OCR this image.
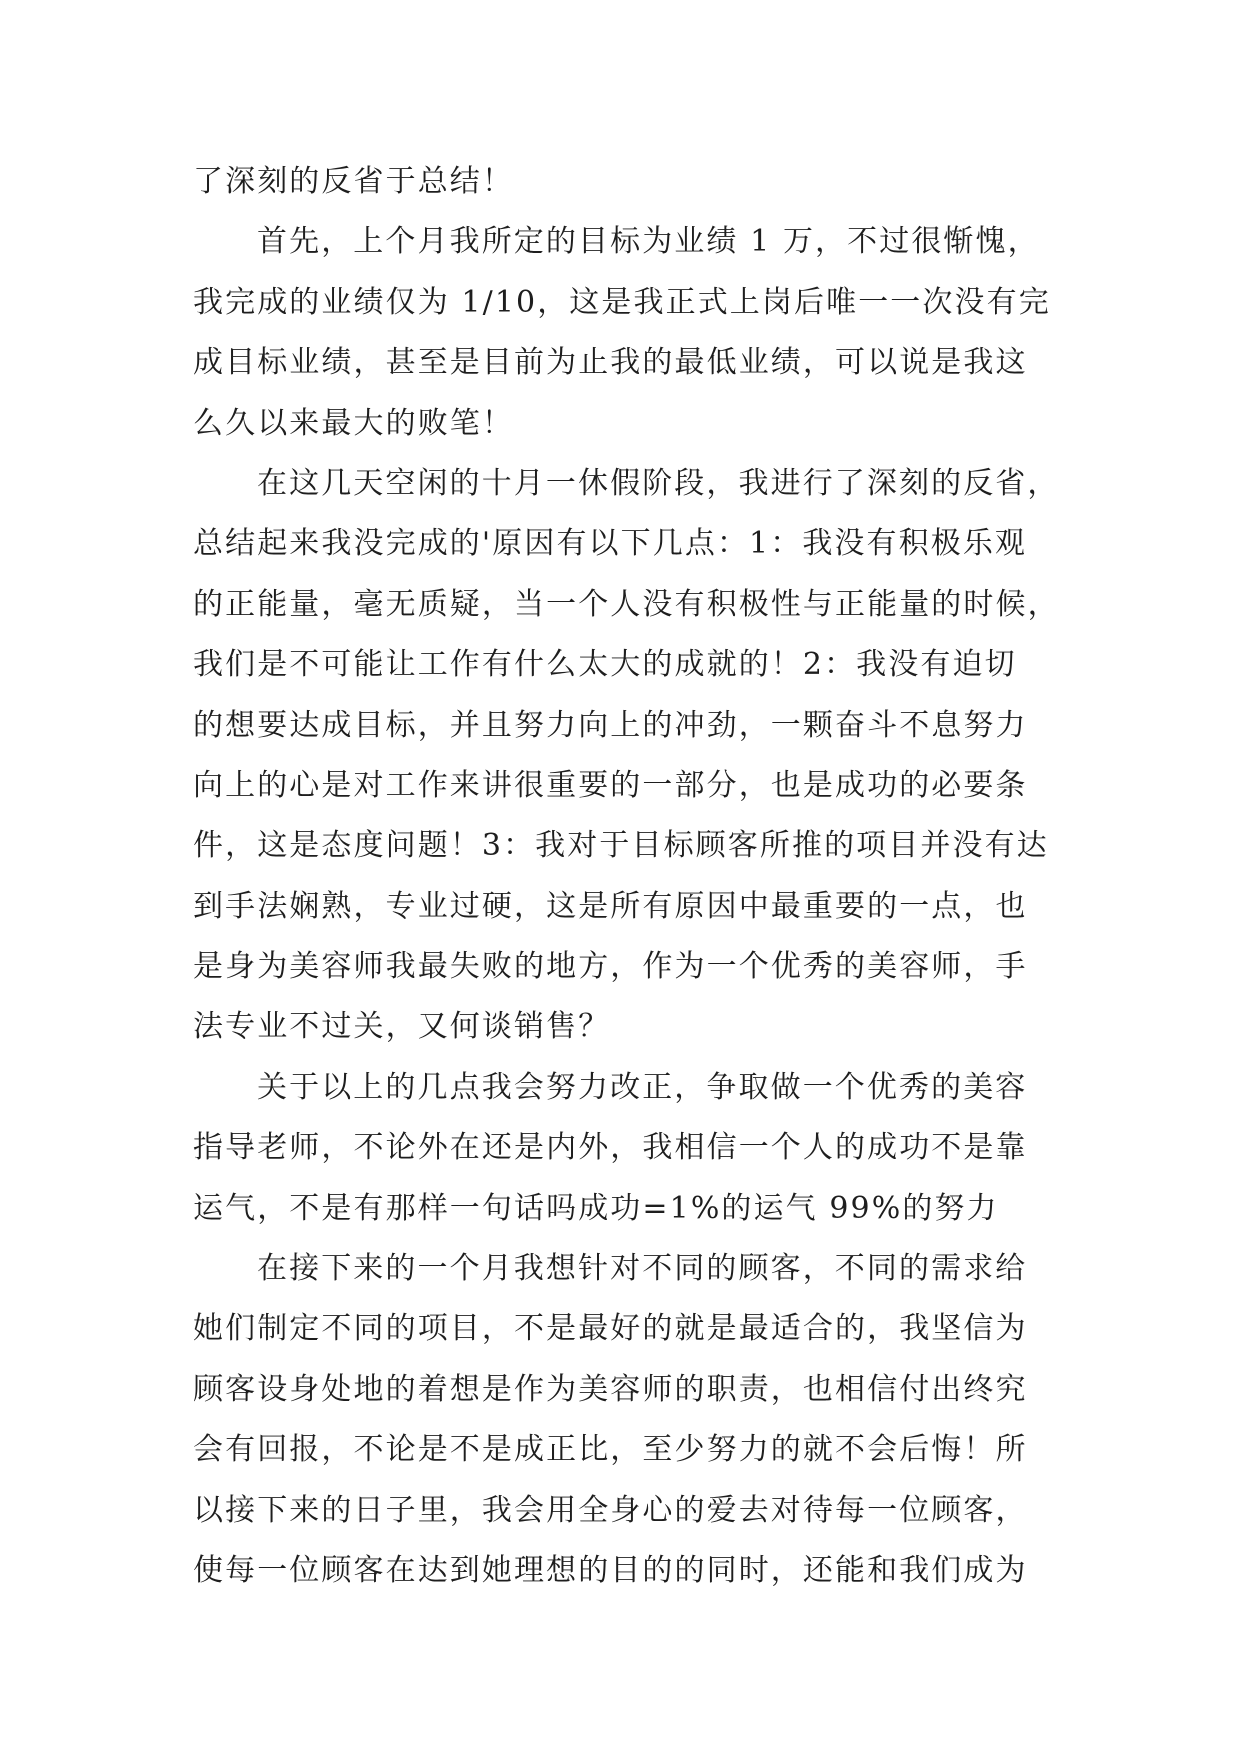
了深刻的反省于总结！
首先，上个月我所定的目标为业绩 1 万，不过很惭愧，
我完成的业绩仅为 1/10，这是我正式上岗后唯一一次没有完
成目标业绩，甚至是目前为止我的最低业绩，可以说是我这
么久以来最大的败笔！
在这几天空闲的十月一休假阶段，我进行了深刻的反省，
总结起来我没完成的'原因有以下几点：1：我没有积极乐观
的正能量，毫无质疑，当一个人没有积极性与正能量的时候，
我们是不可能让工作有什么太大的成就的！2：我没有迫切
的想要达成目标，并且努力向上的冲劲，一颗奋斗不息努力
向上的心是对工作来讲很重要的一部分，也是成功的必要条
件，这是态度问题！3：我对于目标顾客所推的项目并没有达
到手法娴熟，专业过硬，这是所有原因中最重要的一点，也
是身为美容师我最失败的地方，作为一个优秀的美容师，手
法专业不过关，又何谈销售？
关于以上的几点我会努力改正，争取做一个优秀的美容
指导老师，不论外在还是内外，我相信一个人的成功不是靠
运气，不是有那样一句话吗成功=1%的运气 99%的努力
在接下来的一个月我想针对不同的顾客，不同的需求给
她们制定不同的项目，不是最好的就是最适合的，我坚信为
顾客设身处地的着想是作为美容师的职责，也相信付出终究
会有回报，不论是不是成正比，至少努力的就不会后悔！所
以接下来的日子里，我会用全身心的爱去对待每一位顾客，
使每一位顾客在达到她理想的目的的同时，还能和我们成为
